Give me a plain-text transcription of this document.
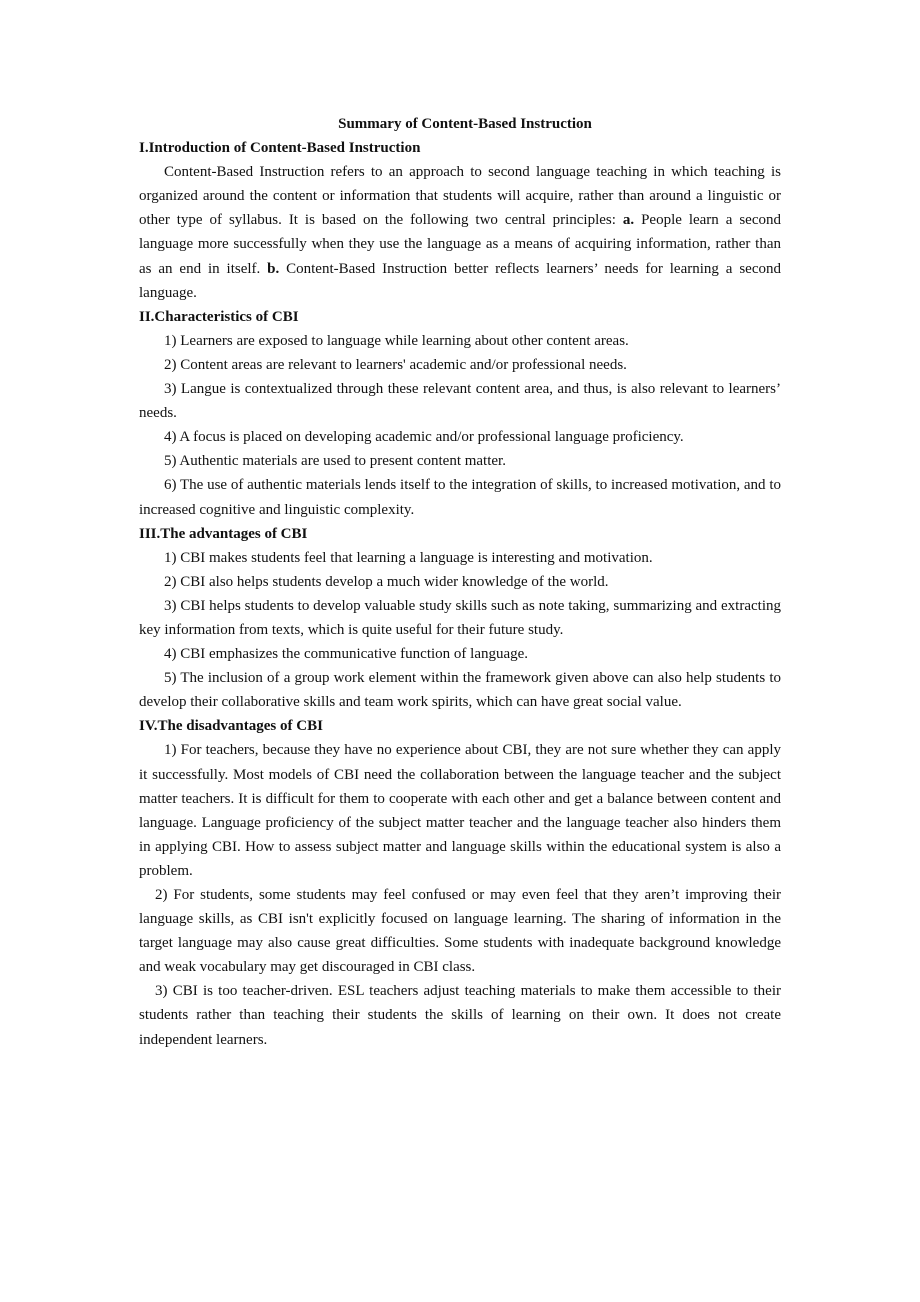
Summary of Content-Based Instruction

I.Introduction of Content-Based Instruction

Content-Based Instruction refers to an approach to second language teaching in which teaching is organized around the content or information that students will acquire, rather than around a linguistic or other type of syllabus. It is based on the following two central principles: a. People learn a second language more successfully when they use the language as a means of acquiring information, rather than as an end in itself. b. Content-Based Instruction better reflects learners’ needs for learning a second language.

II.Characteristics of CBI

1) Learners are exposed to language while learning about other content areas.

2) Content areas are relevant to learners' academic and/or professional needs.

3) Langue is contextualized through these relevant content area, and thus, is also relevant to learners’ needs.

4) A focus is placed on developing academic and/or professional language proficiency.

5) Authentic materials are used to present content matter.

6) The use of authentic materials lends itself to the integration of skills, to increased motivation, and to increased cognitive and linguistic complexity.

III.The advantages of CBI

1) CBI makes students feel that learning a language is interesting and motivation.

2) CBI also helps students develop a much wider knowledge of the world.

3) CBI helps students to develop valuable study skills such as note taking, summarizing and extracting key information from texts, which is quite useful for their future study.

4) CBI emphasizes the communicative function of language.

5) The inclusion of a group work element within the framework given above can also help students to develop their collaborative skills and team work spirits, which can have great social value.

IV.The disadvantages of CBI

1) For teachers, because they have no experience about CBI, they are not sure whether they can apply it successfully. Most models of CBI need the collaboration between the language teacher and the subject matter teachers. It is difficult for them to cooperate with each other and get a balance between content and language. Language proficiency of the subject matter teacher and the language teacher also hinders them in applying CBI. How to assess subject matter and language skills within the educational system is also a problem.

2) For students, some students may feel confused or may even feel that they aren’t improving their language skills, as CBI isn't explicitly focused on language learning. The sharing of information in the target language may also cause great difficulties. Some students with inadequate background knowledge and weak vocabulary may get discouraged in CBI class.

3) CBI is too teacher-driven. ESL teachers adjust teaching materials to make them accessible to their students rather than teaching their students the skills of learning on their own. It does not create independent learners.
